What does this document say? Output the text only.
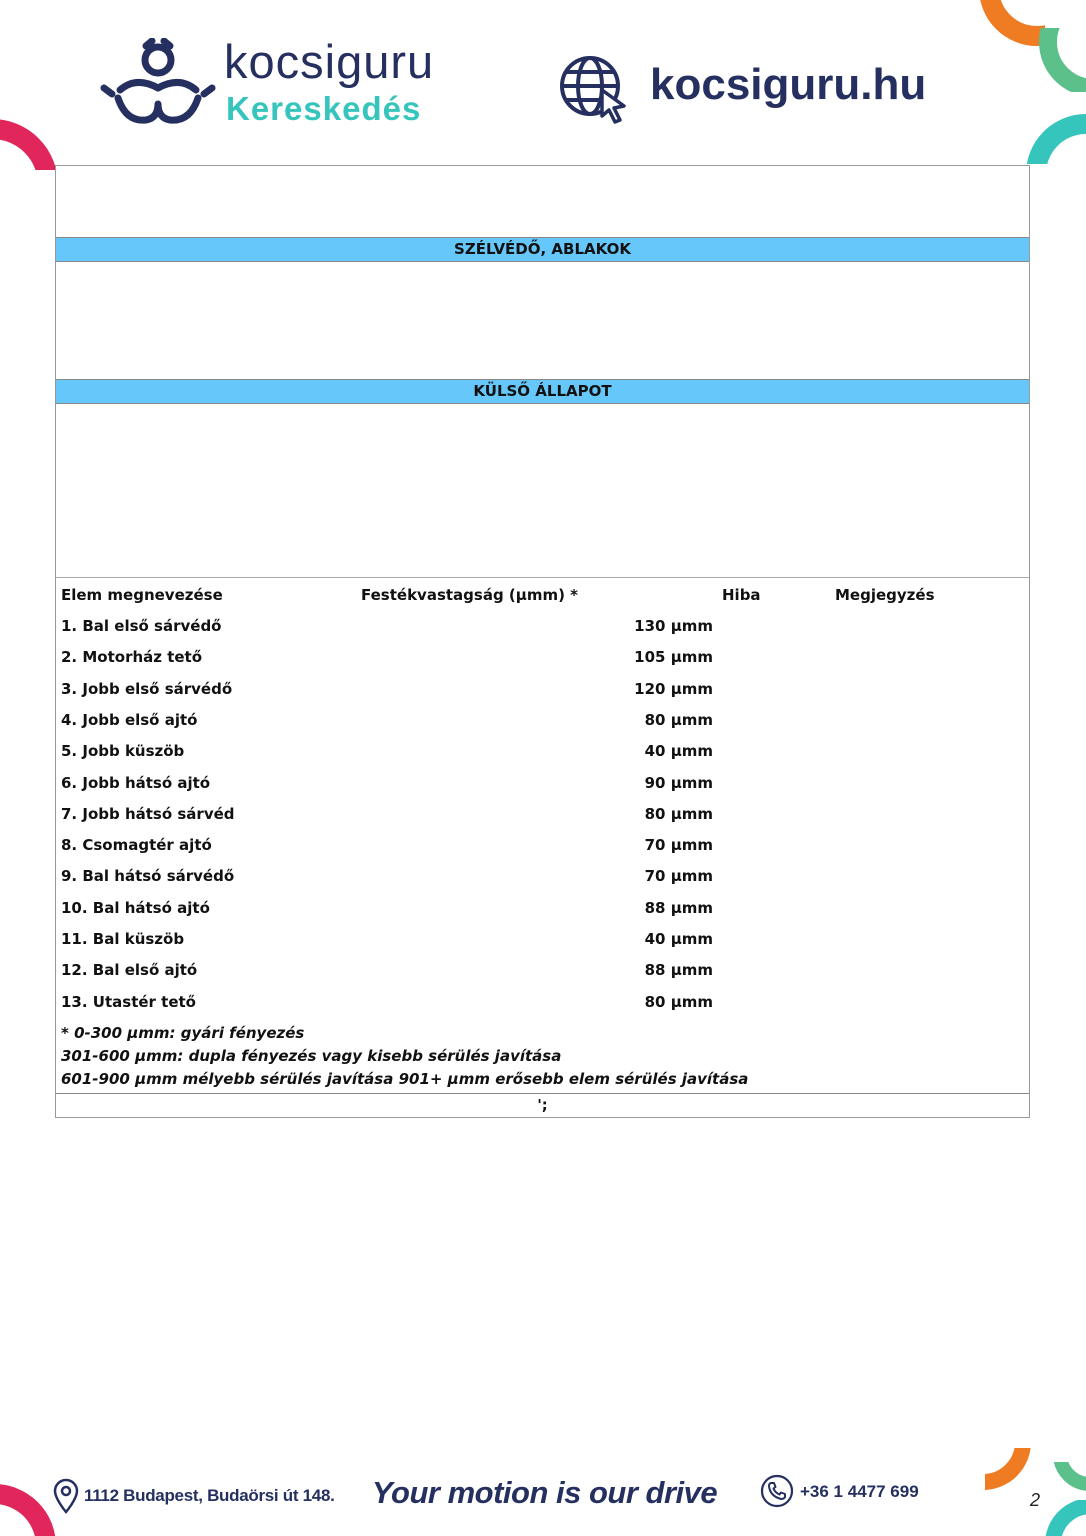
kocsiguru
Kereskedés	kocsiguru.hu
SZÉLVÉDŐ, ABLAKOK
KÜLSŐ ÁLLAPOT
Elem megnevezése	Festékvastagság (μmm) *	Hiba	Megjegyzés
1. Bal első sárvédő	130 μmm
2. Motorház tető	105 μmm
3. Jobb első sárvédő	120 μmm
4. Jobb első ajtó	80 μmm
5. Jobb küszöb	40 μmm
6. Jobb hátsó ajtó	90 μmm
7. Jobb hátsó sárvéd	80 μmm
8. Csomagtér ajtó	70 μmm
9. Bal hátsó sárvédő	70 μmm
10. Bal hátsó ajtó	88 μmm
11. Bal küszöb	40 μmm
12. Bal első ajtó	88 μmm
13. Utastér tető	80 μmm
* 0-300 μmm: gyári fényezés
301-600 μmm: dupla fényezés vagy kisebb sérülés javítása
601-900 μmm mélyebb sérülés javítása 901+ μmm erősebb elem sérülés javítása
';
1112 Budapest, Budaörsi út 148. Your motion is our drive	+36 1 4477 699	2
